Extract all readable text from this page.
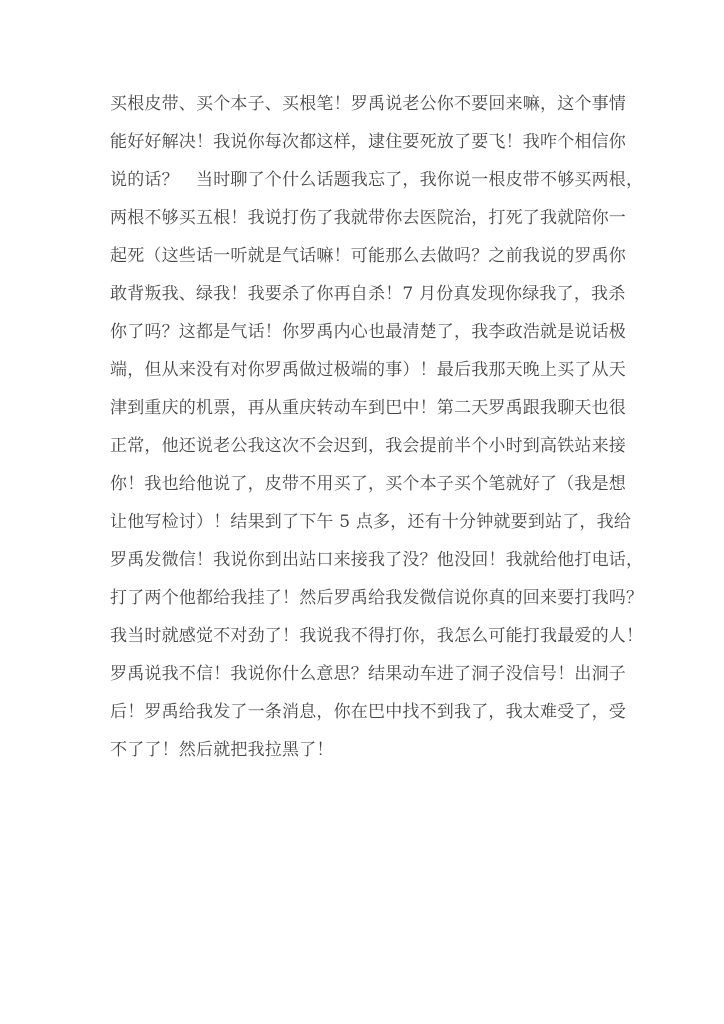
买根皮带、买个本子、买根笔！罗禹说老公你不要回来嘛，这个事情
能好好解决！我说你每次都这样，逮住要死放了要飞！我咋个相信你
说的话？　当时聊了个什么话题我忘了，我你说一根皮带不够买两根，
两根不够买五根！我说打伤了我就带你去医院治，打死了我就陪你一
起死（这些话一听就是气话嘛！可能那么去做吗？之前我说的罗禹你
敢背叛我、绿我！我要杀了你再自杀！7 月份真发现你绿我了，我杀
你了吗？这都是气话！你罗禹内心也最清楚了，我李政浩就是说话极
端，但从来没有对你罗禹做过极端的事）！最后我那天晚上买了从天
津到重庆的机票，再从重庆转动车到巴中！第二天罗禹跟我聊天也很
正常，他还说老公我这次不会迟到，我会提前半个小时到高铁站来接
你！我也给他说了，皮带不用买了，买个本子买个笔就好了（我是想
让他写检讨）！结果到了下午 5 点多，还有十分钟就要到站了，我给
罗禹发微信！我说你到出站口来接我了没？他没回！我就给他打电话，
打了两个他都给我挂了！然后罗禹给我发微信说你真的回来要打我吗？
我当时就感觉不对劲了！我说我不得打你，我怎么可能打我最爱的人！
罗禹说我不信！我说你什么意思？结果动车进了洞子没信号！出洞子
后！罗禹给我发了一条消息，你在巴中找不到我了，我太难受了，受
不了了！然后就把我拉黑了！
